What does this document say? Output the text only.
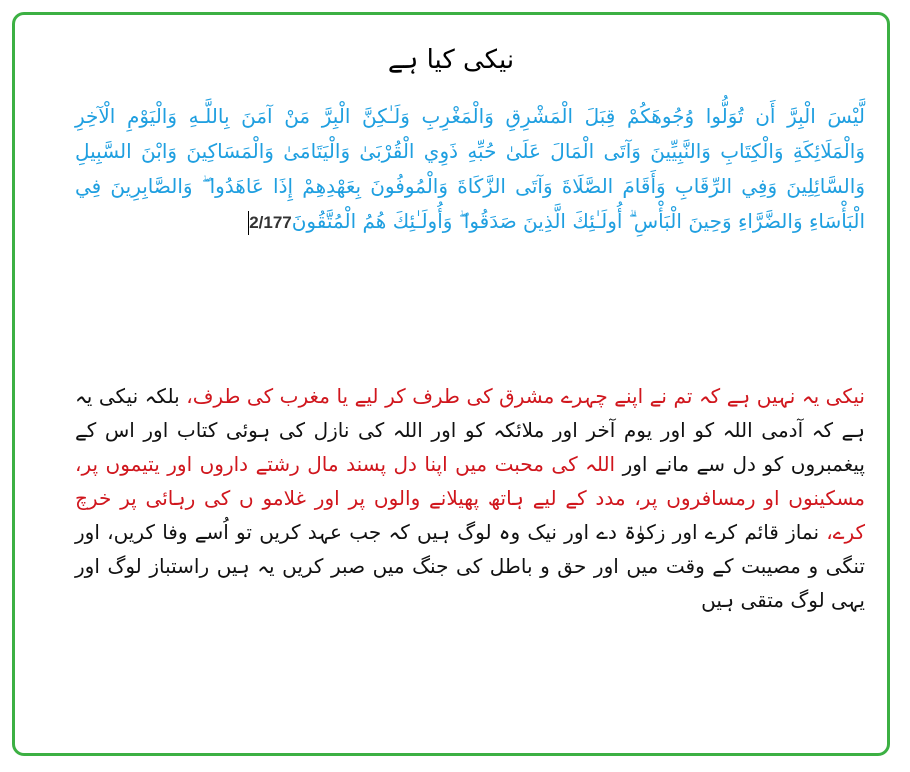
نیکی کیا ہے
لَّيْسَ الْبِرَّ أَن تُوَلُّوا وُجُوهَكُمْ قِبَلَ الْمَشْرِقِ وَالْمَغْرِبِ وَلَـٰكِنَّ الْبِرَّ مَنْ آمَنَ بِاللَّـهِ وَالْيَوْمِ الْآخِرِ وَالْمَلَائِكَةِ وَالْكِتَابِ وَالنَّبِيِّينَ وَآتَى الْمَالَ عَلَىٰ حُبِّهِ ذَوِي الْقُرْبَىٰ وَالْيَتَامَىٰ وَالْمَسَاكِينَ وَابْنَ السَّبِيلِ وَالسَّائِلِينَ وَفِي الرِّقَابِ وَأَقَامَ الصَّلَاةَ وَآتَى الزَّكَاةَ وَالْمُوفُونَ بِعَهْدِهِمْ إِذَا عَاهَدُوا ۖ وَالصَّابِرِينَ فِي الْبَأْسَاءِ وَالضَّرَّاءِ وَحِينَ الْبَأْسِ ۗ أُولَـٰئِكَ الَّذِينَ صَدَقُوا ۖ وَأُولَـٰئِكَ هُمُ الْمُتَّقُونَ2/177
نیکی یہ نہیں ہے کہ تم نے اپنے چہرے مشرق کی طرف کر لیے یا مغرب کی طرف، بلکہ نیکی یہ ہے کہ آدمی اللہ کو اور یوم آخر اور ملائکہ کو اور اللہ کی نازل کی ہوئی کتاب اور اس کے پیغمبروں کو دل سے مانے اور اللہ کی محبت میں اپنا دل پسند مال رشتے داروں اور یتیموں پر، مسکینوں او رمسافروں پر، مدد کے لیے ہاتھ پھیلانے والوں پر اور غلامو ں کی رہائی پر خرچ کرے، نماز قائم کرے اور زکوٰۃ دے اور نیک وہ لوگ ہیں کہ جب عہد کریں تو اُسے وفا کریں، اور تنگی و مصیبت کے وقت میں اور حق و باطل کی جنگ میں صبر کریں یہ ہیں راستباز لوگ اور یہی لوگ متقی ہیں
